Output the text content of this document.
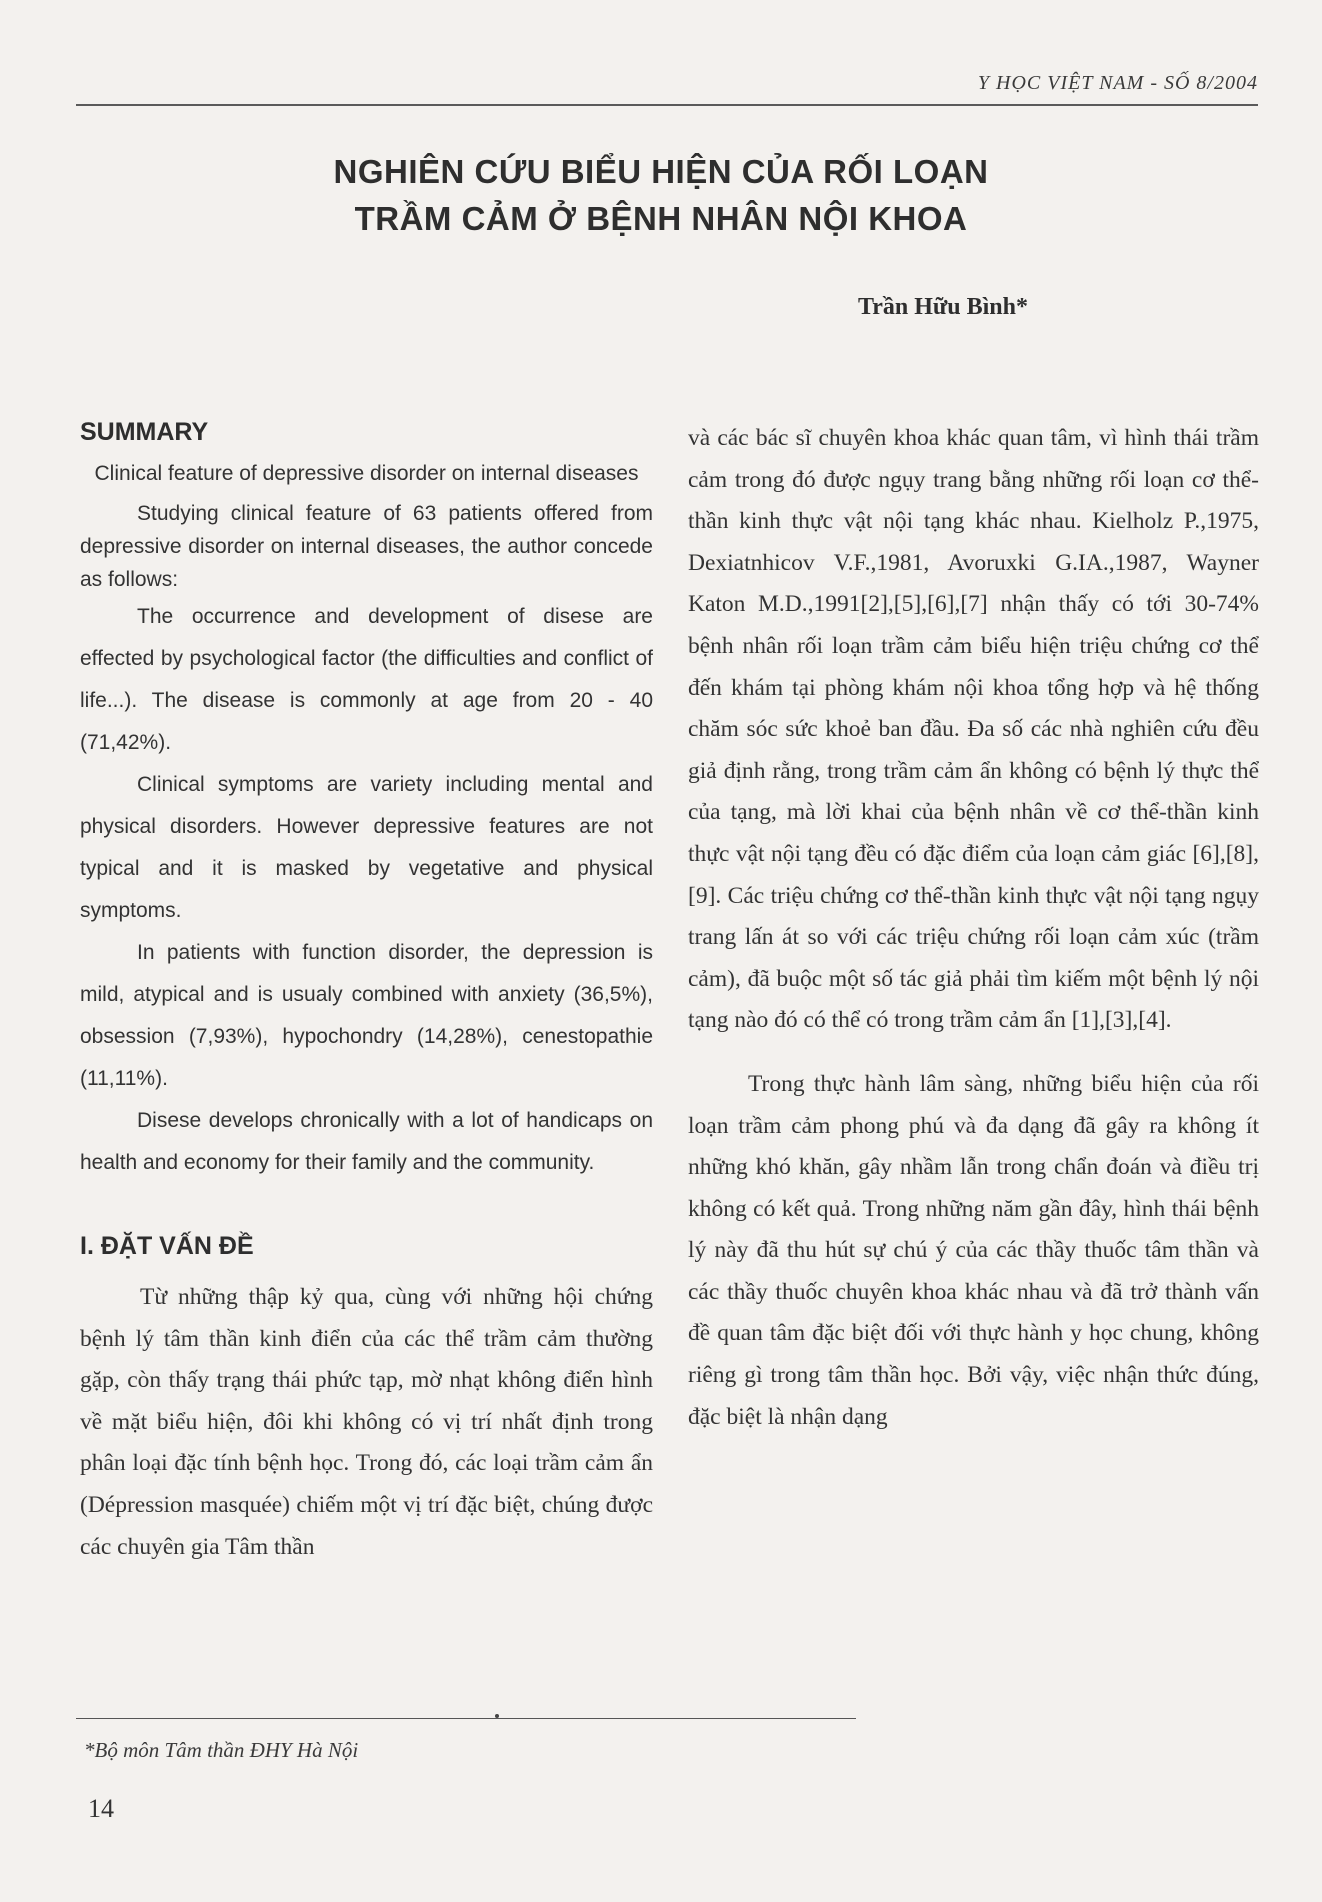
Y HỌC VIỆT NAM - SỐ 8/2004
NGHIÊN CỨU BIỂU HIỆN CỦA RỐI LOẠN
TRẦM CẢM Ở BỆNH NHÂN NỘI KHOA
Trần Hữu Bình*
SUMMARY
Clinical feature of depressive disorder on internal diseases

Studying clinical feature of 63 patients offered from depressive disorder on internal diseases, the author concede as follows:

The occurrence and development of disese are effected by psychological factor (the difficulties and conflict of life...). The disease is commonly at age from 20 - 40 (71,42%).

Clinical symptoms are variety including mental and physical disorders. However depressive features are not typical and it is masked by vegetative and physical symptoms.

In patients with function disorder, the depression is mild, atypical and is usualy combined with anxiety (36,5%), obsession (7,93%), hypochondry (14,28%), cenestopathie (11,11%).

Disese develops chronically with a lot of handicaps on health and economy for their family and the community.

I. ĐẶT VẤN ĐỀ

Từ những thập kỷ qua, cùng với những hội chứng bệnh lý tâm thần kinh điển của các thể trầm cảm thường gặp, còn thấy trạng thái phức tạp, mờ nhạt không điển hình về mặt biểu hiện, đôi khi không có vị trí nhất định trong phân loại đặc tính bệnh học. Trong đó, các loại trầm cảm ẩn (Dépression masquée) chiếm một vị trí đặc biệt, chúng được các chuyên gia Tâm thần

và các bác sĩ chuyên khoa khác quan tâm, vì hình thái trầm cảm trong đó được ngụy trang bằng những rối loạn cơ thể-thần kinh thực vật nội tạng khác nhau. Kielholz P.,1975, Dexiatnhicov V.F.,1981, Avoruxki G.IA.,1987, Wayner Katon M.D.,1991[2],[5],[6],[7] nhận thấy có tới 30-74% bệnh nhân rối loạn trầm cảm biểu hiện triệu chứng cơ thể đến khám tại phòng khám nội khoa tổng hợp và hệ thống chăm sóc sức khoẻ ban đầu. Đa số các nhà nghiên cứu đều giả định rằng, trong trầm cảm ẩn không có bệnh lý thực thể của tạng, mà lời khai của bệnh nhân về cơ thể-thần kinh thực vật nội tạng đều có đặc điểm của loạn cảm giác [6],[8],[9]. Các triệu chứng cơ thể-thần kinh thực vật nội tạng ngụy trang lấn át so với các triệu chứng rối loạn cảm xúc (trầm cảm), đã buộc một số tác giả phải tìm kiếm một bệnh lý nội tạng nào đó có thể có trong trầm cảm ẩn [1],[3],[4].

Trong thực hành lâm sàng, những biểu hiện của rối loạn trầm cảm phong phú và đa dạng đã gây ra không ít những khó khăn, gây nhầm lẫn trong chẩn đoán và điều trị không có kết quả. Trong những năm gần đây, hình thái bệnh lý này đã thu hút sự chú ý của các thầy thuốc tâm thần và các thầy thuốc chuyên khoa khác nhau và đã trở thành vấn đề quan tâm đặc biệt đối với thực hành y học chung, không riêng gì trong tâm thần học. Bởi vậy, việc nhận thức đúng, đặc biệt là nhận dạng

*Bộ môn Tâm thần ĐHY Hà Nội
14
